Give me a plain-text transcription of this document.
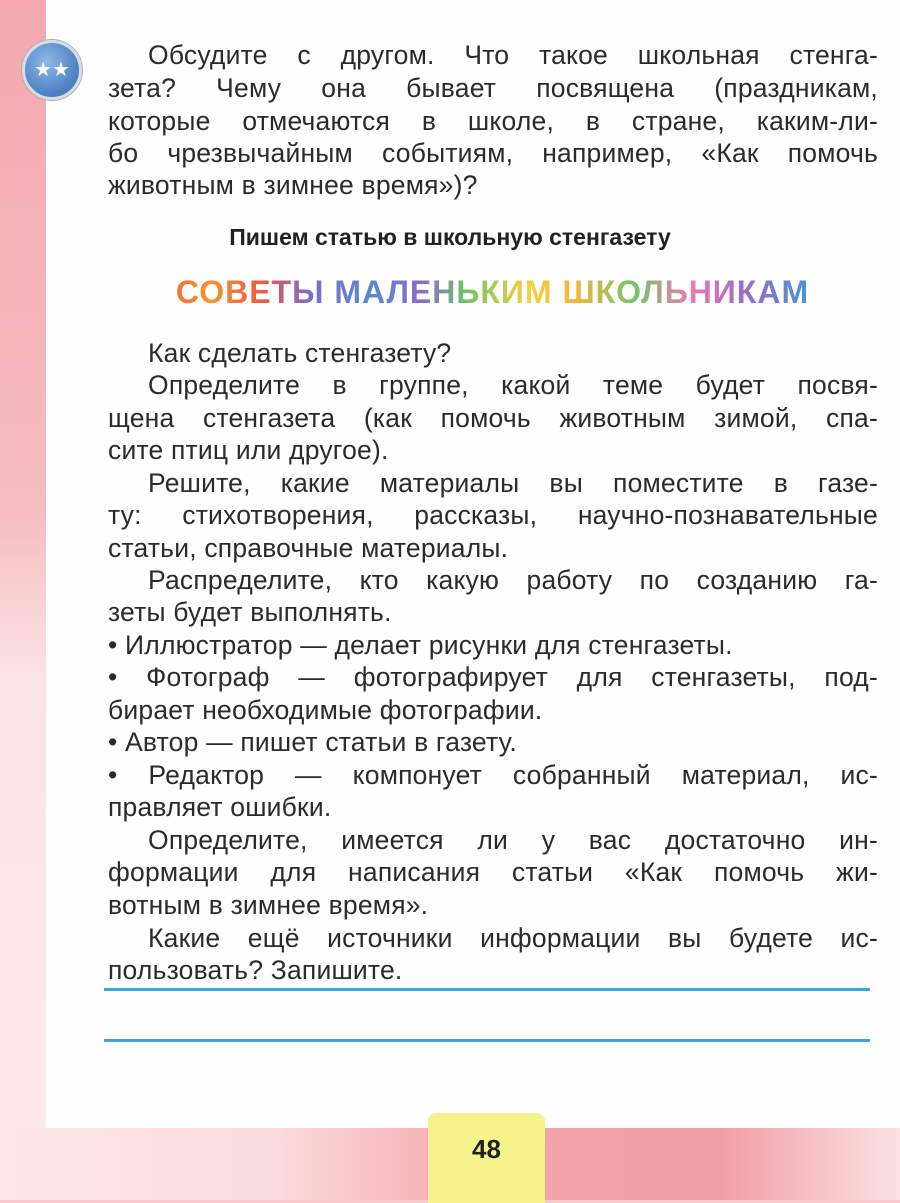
★★	Обсудите с другом. Что такое школьная стенга-
зета? Чему она бывает посвящена (праздникам,
которые отмечаются в школе, в стране, каким-ли-
бо чрезвычайным событиям, например, «Как помочь
животным в зимнее время»)?
Пишем статью в школьную стенгазету
СОВЕТЫ МАЛЕНЬКИМ ШКОЛЬНИКАМ
Как сделать стенгазету?
Определите в группе, какой теме будет посвя-
щена стенгазета (как помочь животным зимой, спа-
сите птиц или другое).
Решите, какие материалы вы поместите в газе-
ту: стихотворения, рассказы, научно-познавательные
статьи, справочные материалы.
Распределите, кто какую работу по созданию га-
зеты будет выполнять.
• Иллюстратор — делает рисунки для стенгазеты.
• Фотограф — фотографирует для стенгазеты, под-
бирает необходимые фотографии.
• Автор — пишет статьи в газету.
• Редактор — компонует собранный материал, ис-
правляет ошибки.
Определите, имеется ли у вас достаточно ин-
формации для написания статьи «Как помочь жи-
вотным в зимнее время».
Какие ещё источники информации вы будете ис-
пользовать? Запишите.
48
